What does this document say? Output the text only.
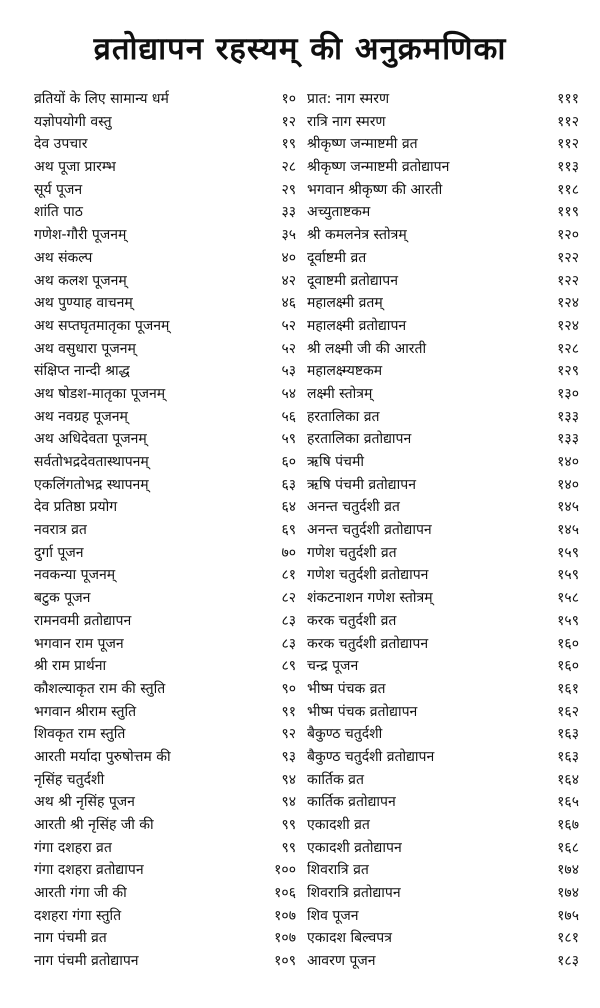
व्रतोद्यापन रहस्यम् की अनुक्रमणिका
व्रतियों के लिए सामान्य धर्म	१०
यज्ञोपयोगी वस्तु	१२
देव उपचार	१९
अथ पूजा प्रारम्भ	२८
सूर्य पूजन	२९
शांति पाठ	३३
गणेश-गौरी पूजनम्	३५
अथ संकल्प	४०
अथ कलश पूजनम्	४२
अथ पुण्याह वाचनम्	४६
अथ सप्तघृतमातृका पूजनम्	५२
अथ वसुधारा पूजनम्	५२
संक्षिप्त नान्दी श्राद्ध	५३
अथ षोडश-मातृका पूजनम्	५४
अथ नवग्रह पूजनम्	५६
अथ अधिदेवता पूजनम्	५९
सर्वतोभद्रदेवतास्थापनम्	६०
एकलिंगतोभद्र स्थापनम्	६३
देव प्रतिष्ठा प्रयोग	६४
नवरात्र व्रत	६९
दुर्गा पूजन	७०
नवकन्या पूजनम्	८१
बटुक पूजन	८२
रामनवमी व्रतोद्यापन	८३
भगवान राम पूजन	८३
श्री राम प्रार्थना	८९
कौशल्याकृत राम की स्तुति	९०
भगवान श्रीराम स्तुति	९१
शिवकृत राम स्तुति	९२
आरती मर्यादा पुरुषोत्तम की	९३
नृसिंह चतुर्दशी	९४
अथ श्री नृसिंह पूजन	९४
आरती श्री नृसिंह जी की	९९
गंगा दशहरा व्रत	९९
गंगा दशहरा व्रतोद्यापन	१००
आरती गंगा जी की	१०६
दशहरा गंगा स्तुति	१०७
नाग पंचमी व्रत	१०७
नाग पंचमी व्रतोद्यापन	१०९
प्रात: नाग स्मरण	१११
रात्रि नाग स्मरण	११२
श्रीकृष्ण जन्माष्टमी व्रत	११२
श्रीकृष्ण जन्माष्टमी व्रतोद्यापन	११३
भगवान श्रीकृष्ण की आरती	११८
अच्युताष्टकम	११९
श्री कमलनेत्र स्तोत्रम्	१२०
दूर्वाष्टमी व्रत	१२२
दूवाष्टमी व्रतोद्यापन	१२२
महालक्ष्मी व्रतम्	१२४
महालक्ष्मी व्रतोद्यापन	१२४
श्री लक्ष्मी जी की आरती	१२८
महालक्ष्म्यष्टकम	१२९
लक्ष्मी स्तोत्रम्	१३०
हरतालिका व्रत	१३३
हरतालिका व्रतोद्यापन	१३३
ऋषि पंचमी	१४०
ऋषि पंचमी व्रतोद्यापन	१४०
अनन्त चतुर्दशी व्रत	१४५
अनन्त चतुर्दशी व्रतोद्यापन	१४५
गणेश चतुर्दशी व्रत	१५९
गणेश चतुर्दशी व्रतोद्यापन	१५९
शंकटनाशन गणेश स्तोत्रम्	१५८
करक चतुर्दशी व्रत	१५९
करक चतुर्दशी व्रतोद्यापन	१६०
चन्द्र पूजन	१६०
भीष्म पंचक व्रत	१६१
भीष्म पंचक व्रतोद्यापन	१६२
बैकुण्ठ चतुर्दशी	१६३
बैकुण्ठ चतुर्दशी व्रतोद्यापन	१६३
कार्तिक व्रत	१६४
कार्तिक व्रतोद्यापन	१६५
एकादशी व्रत	१६७
एकादशी व्रतोद्यापन	१६८
शिवरात्रि व्रत	१७४
शिवरात्रि व्रतोद्यापन	१७४
शिव पूजन	१७५
एकादश बिल्वपत्र	१८१
आवरण पूजन	१८३
